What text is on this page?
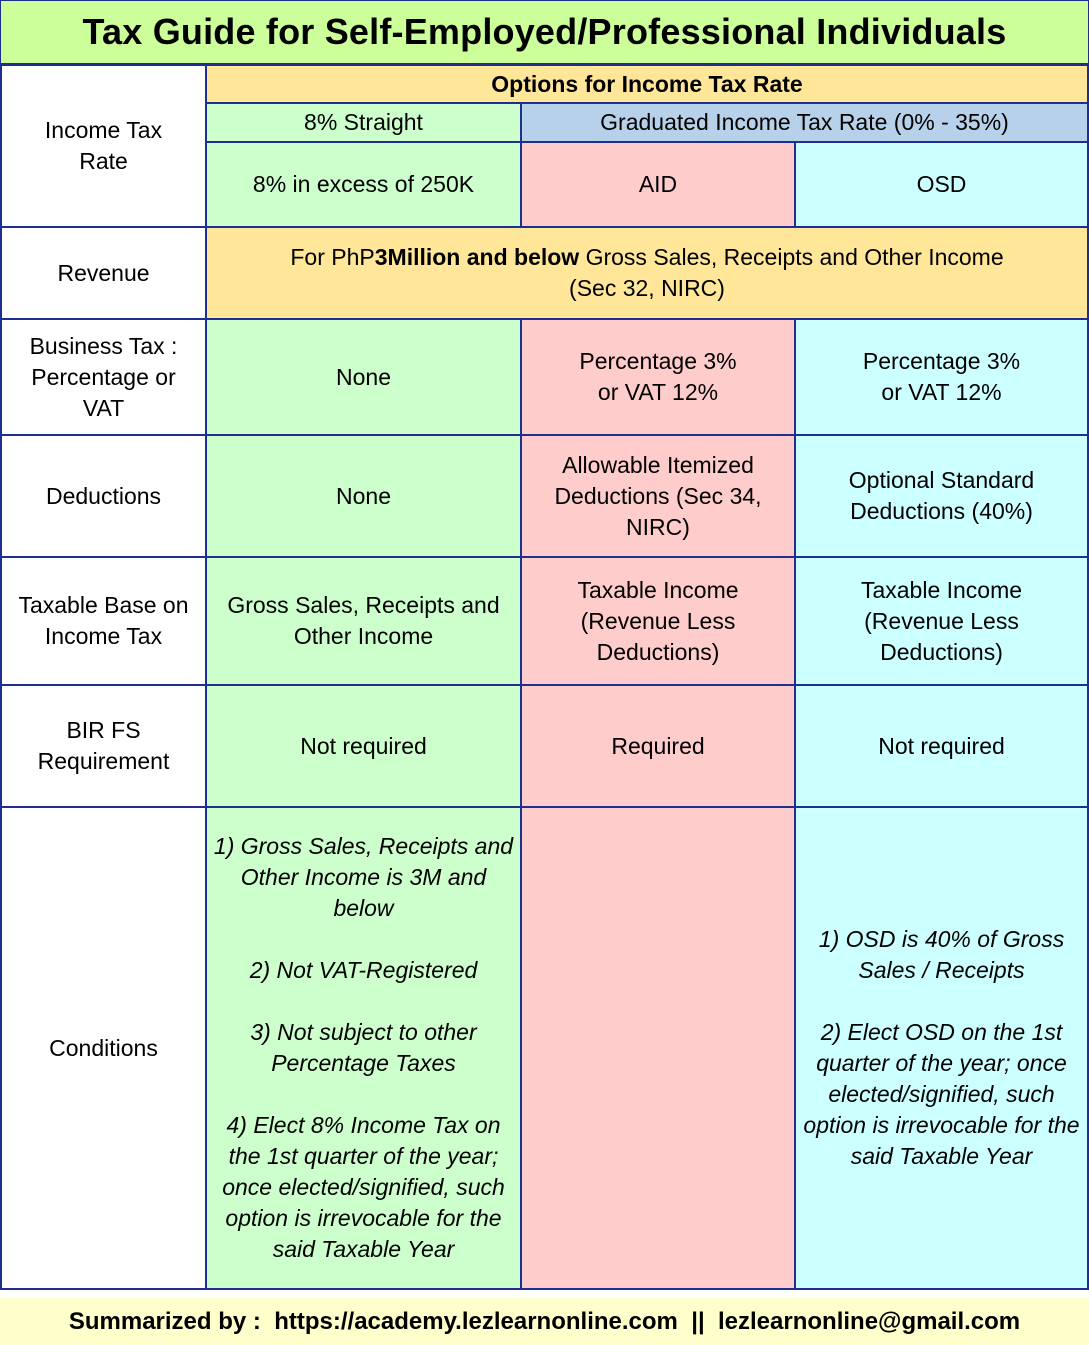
Tax Guide for Self-Employed/Professional Individuals
Income Tax Rate	Options for Income Tax Rate		
	8% Straight	Graduated Income Tax Rate (0% - 35%)	
	8% in excess of 250K	AID	OSD
Revenue	For PhP3Million and below Gross Sales, Receipts and Other Income
(Sec 32, NIRC)		
Business Tax : Percentage or VAT	None	Percentage 3% or VAT 12%	Percentage 3% or VAT 12%
Deductions	None	Allowable Itemized Deductions (Sec 34, NIRC)	Optional Standard Deductions (40%)
Taxable Base on Income Tax	Gross Sales, Receipts and Other Income	Taxable Income (Revenue Less Deductions)	Taxable Income (Revenue Less Deductions)
BIR FS Requirement	Not required	Required	Not required
Conditions	1) Gross Sales, Receipts and Other Income is 3M and below
2) Not VAT-Registered
3) Not subject to other Percentage Taxes
4) Elect 8% Income Tax on the 1st quarter of the year; once elected/signified, such option is irrevocable for the said Taxable Year		1) OSD is 40% of Gross Sales / Receipts
2) Elect OSD on the 1st quarter of the year; once elected/signified, such option is irrevocable for the said Taxable Year
Summarized by :  https://academy.lezlearnonline.com  ||  lezlearnonline@gmail.com
